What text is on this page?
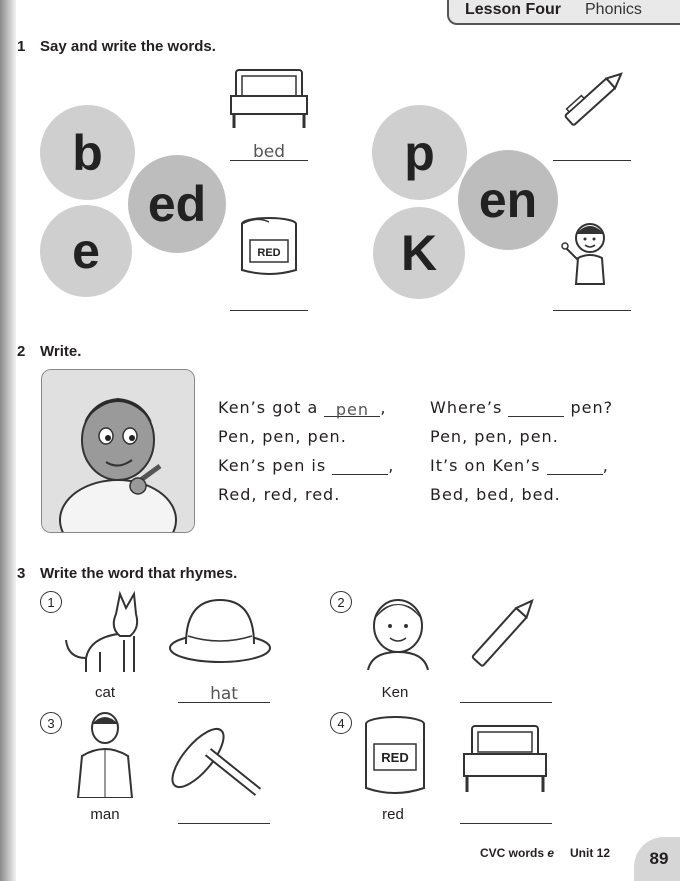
Lesson Four Phonics
1 Say and write the words.
b
ed
e
p
en
K
bed
RED
2 Write.
Ken’s got a pen ,
Pen, pen, pen.
Ken’s pen is	,
Red, red, red.
Where’s	pen?
Pen, pen, pen.
It’s on Ken’s	,
Bed, bed, bed.
3 Write the word that rhymes.
1
cat	hat
2
Ken
3
man
4
RED
red
CVC words e Unit 12	89
